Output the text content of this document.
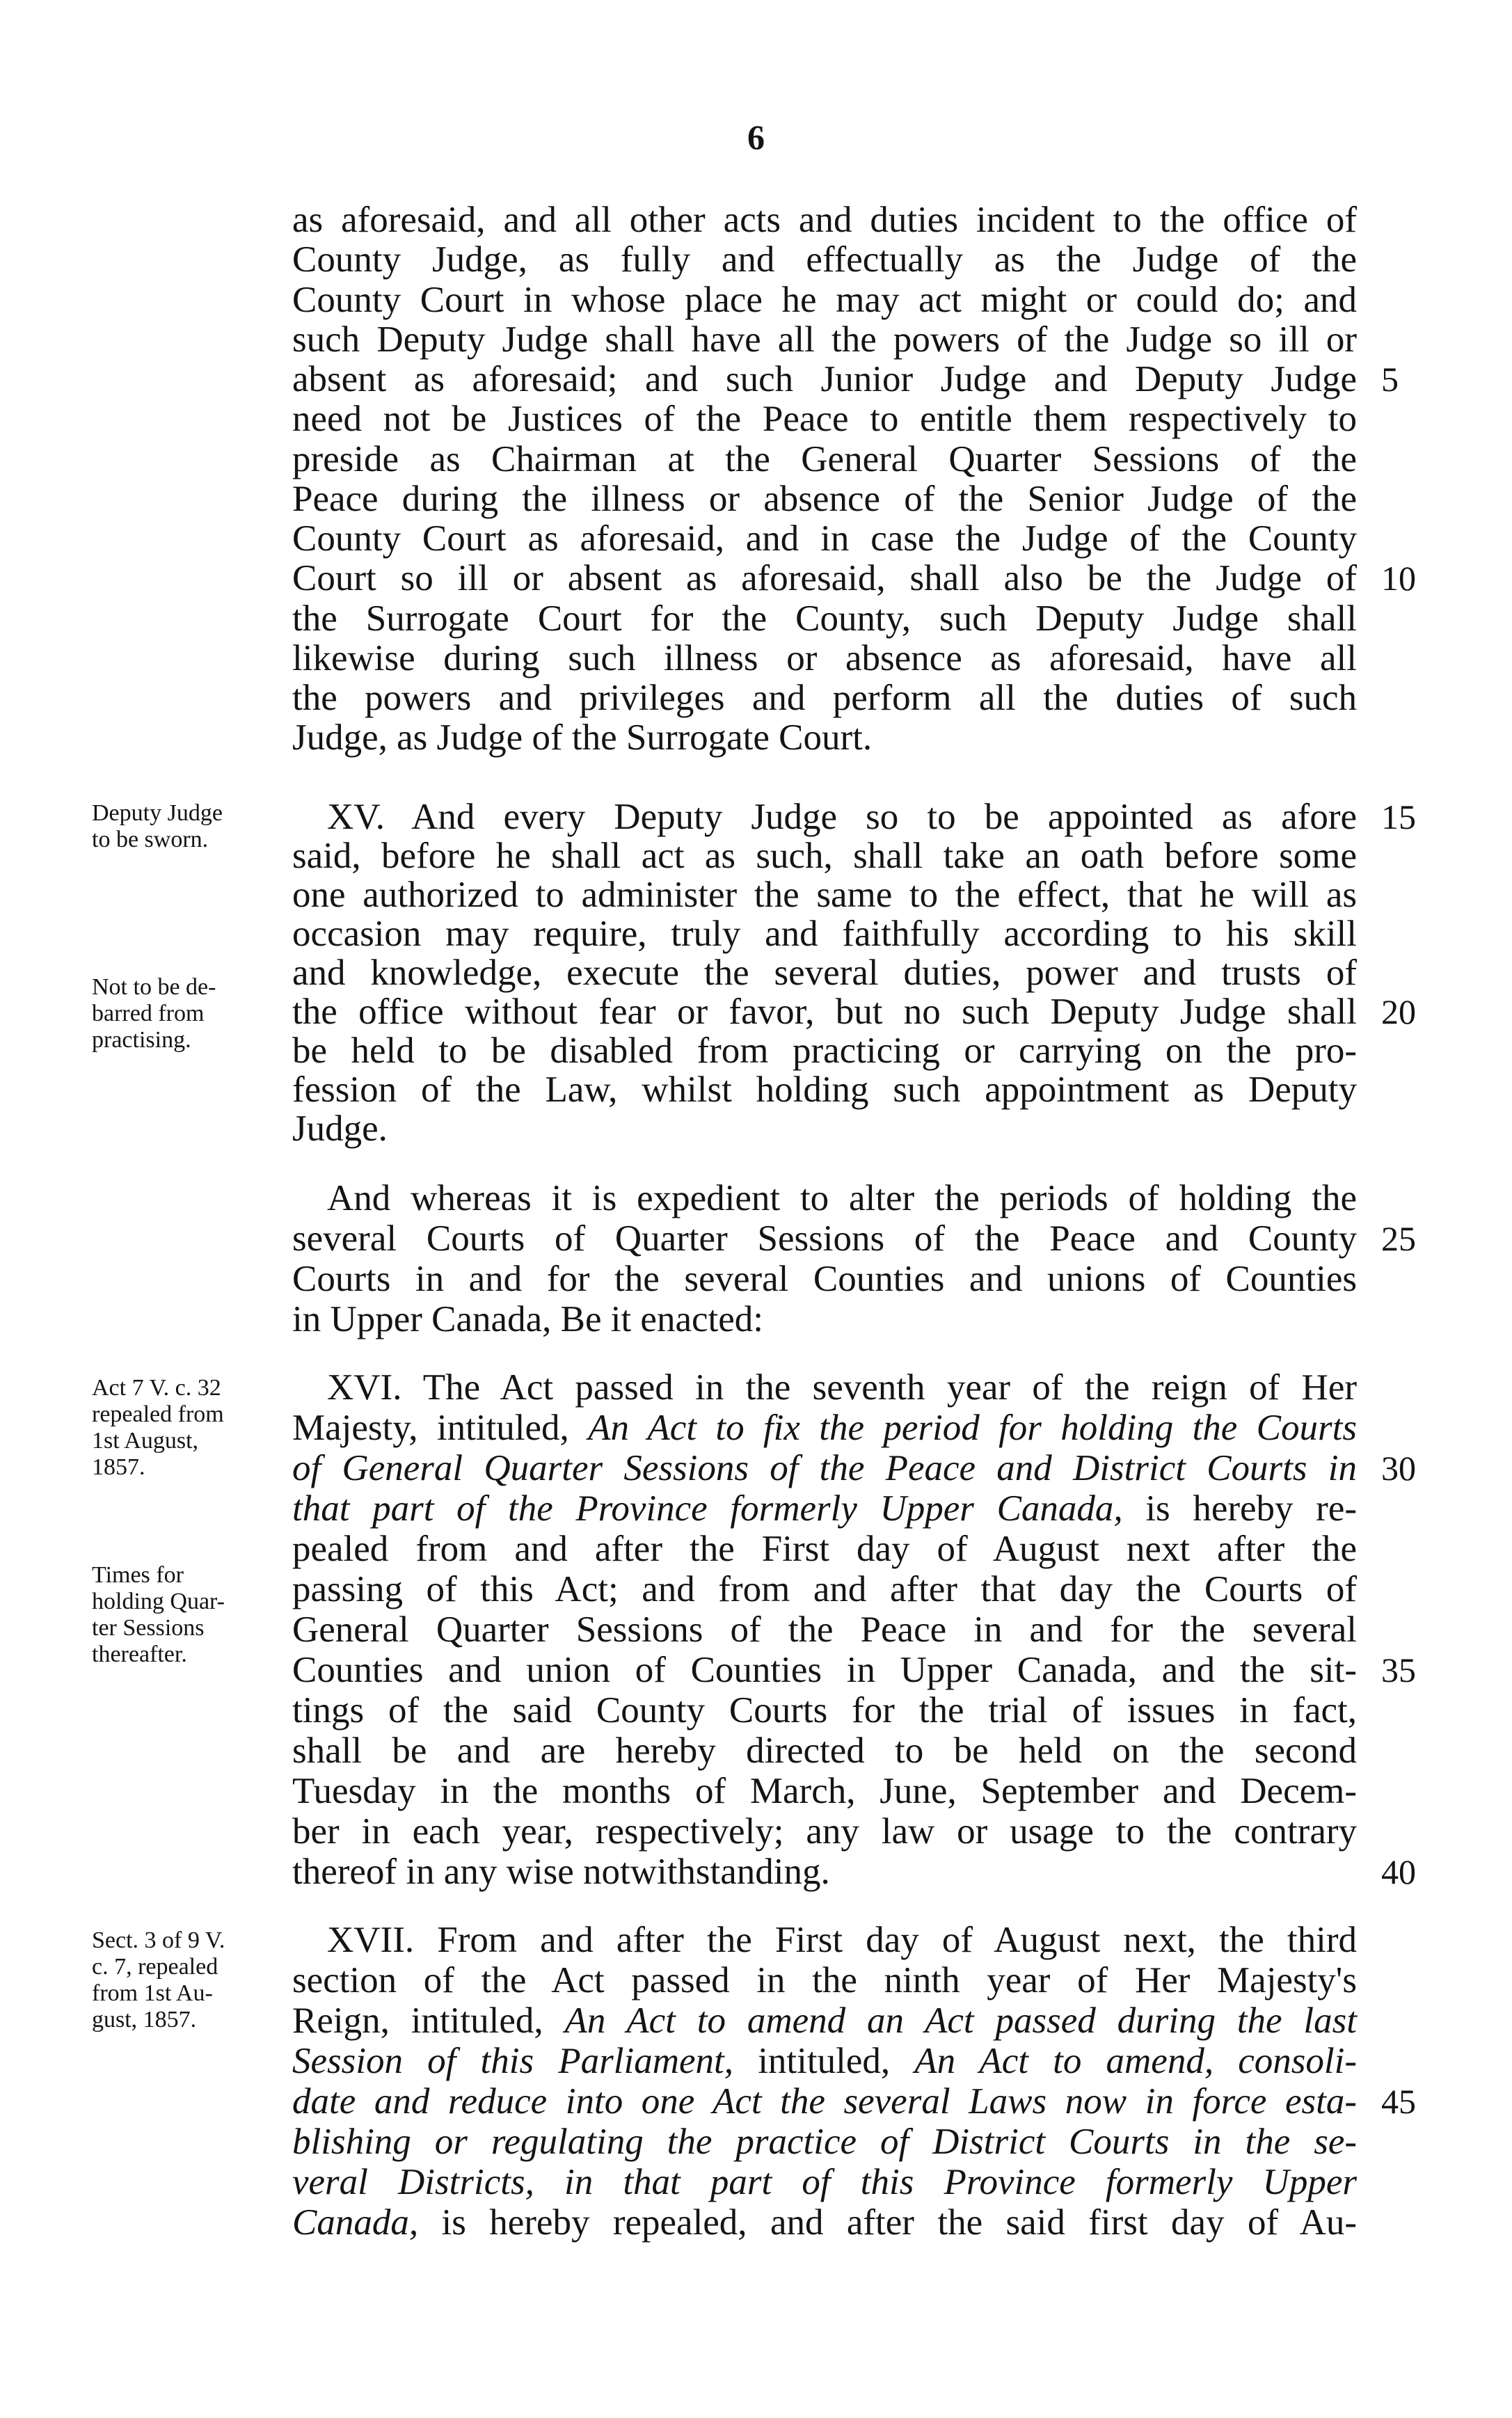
6
as aforesaid, and all other acts and duties incident to the office of
County Judge, as fully and effectually as the Judge of the
County Court in whose place he may act might or could do; and
such Deputy Judge shall have all the powers of the Judge so ill or
absent as aforesaid; and such Junior Judge and Deputy Judge
need not be Justices of the Peace to entitle them respectively to
preside as Chairman at the General Quarter Sessions of the
Peace during the illness or absence of the Senior Judge of the
County Court as aforesaid, and in case the Judge of the County
Court so ill or absent as aforesaid, shall also be the Judge of
the Surrogate Court for the County, such Deputy Judge shall
likewise during such illness or absence as aforesaid, have all
the powers and privileges and perform all the duties of such
Judge, as Judge of the Surrogate Court.
XV. And every Deputy Judge so to be appointed as afore
said, before he shall act as such, shall take an oath before some
one authorized to administer the same to the effect, that he will as
occasion may require, truly and faithfully according to his skill
and knowledge, execute the several duties, power and trusts of
the office without fear or favor, but no such Deputy Judge shall
be held to be disabled from practicing or carrying on the pro-
fession of the Law, whilst holding such appointment as Deputy
Judge.
And whereas it is expedient to alter the periods of holding the
several Courts of Quarter Sessions of the Peace and County
Courts in and for the several Counties and unions of Counties
in Upper Canada, Be it enacted:
XVI. The Act passed in the seventh year of the reign of Her
Majesty, intituled, An Act to fix the period for holding the Courts
of General Quarter Sessions of the Peace and District Courts in
that part of the Province formerly Upper Canada, is hereby re-
pealed from and after the First day of August next after the
passing of this Act; and from and after that day the Courts of
General Quarter Sessions of the Peace in and for the several
Counties and union of Counties in Upper Canada, and the sit-
tings of the said County Courts for the trial of issues in fact,
shall be and are hereby directed to be held on the second
Tuesday in the months of March, June, September and Decem-
ber in each year, respectively; any law or usage to the contrary
thereof in any wise notwithstanding.
XVII. From and after the First day of August next, the third
section of the Act passed in the ninth year of Her Majesty's
Reign, intituled, An Act to amend an Act passed during the last
Session of this Parliament, intituled, An Act to amend, consoli-
date and reduce into one Act the several Laws now in force esta-
blishing or regulating the practice of District Courts in the se-
veral Districts, in that part of this Province formerly Upper
Canada, is hereby repealed, and after the said first day of Au-
5
10
15
20
25
30
35
40
45
Deputy Judge
to be sworn.
Not to be de-
barred from
practising.
Act 7 V. c. 32
repealed from
1st August,
1857.
Times for
holding Quar-
ter Sessions
thereafter.
Sect. 3 of 9 V.
c. 7, repealed
from 1st Au-
gust, 1857.
